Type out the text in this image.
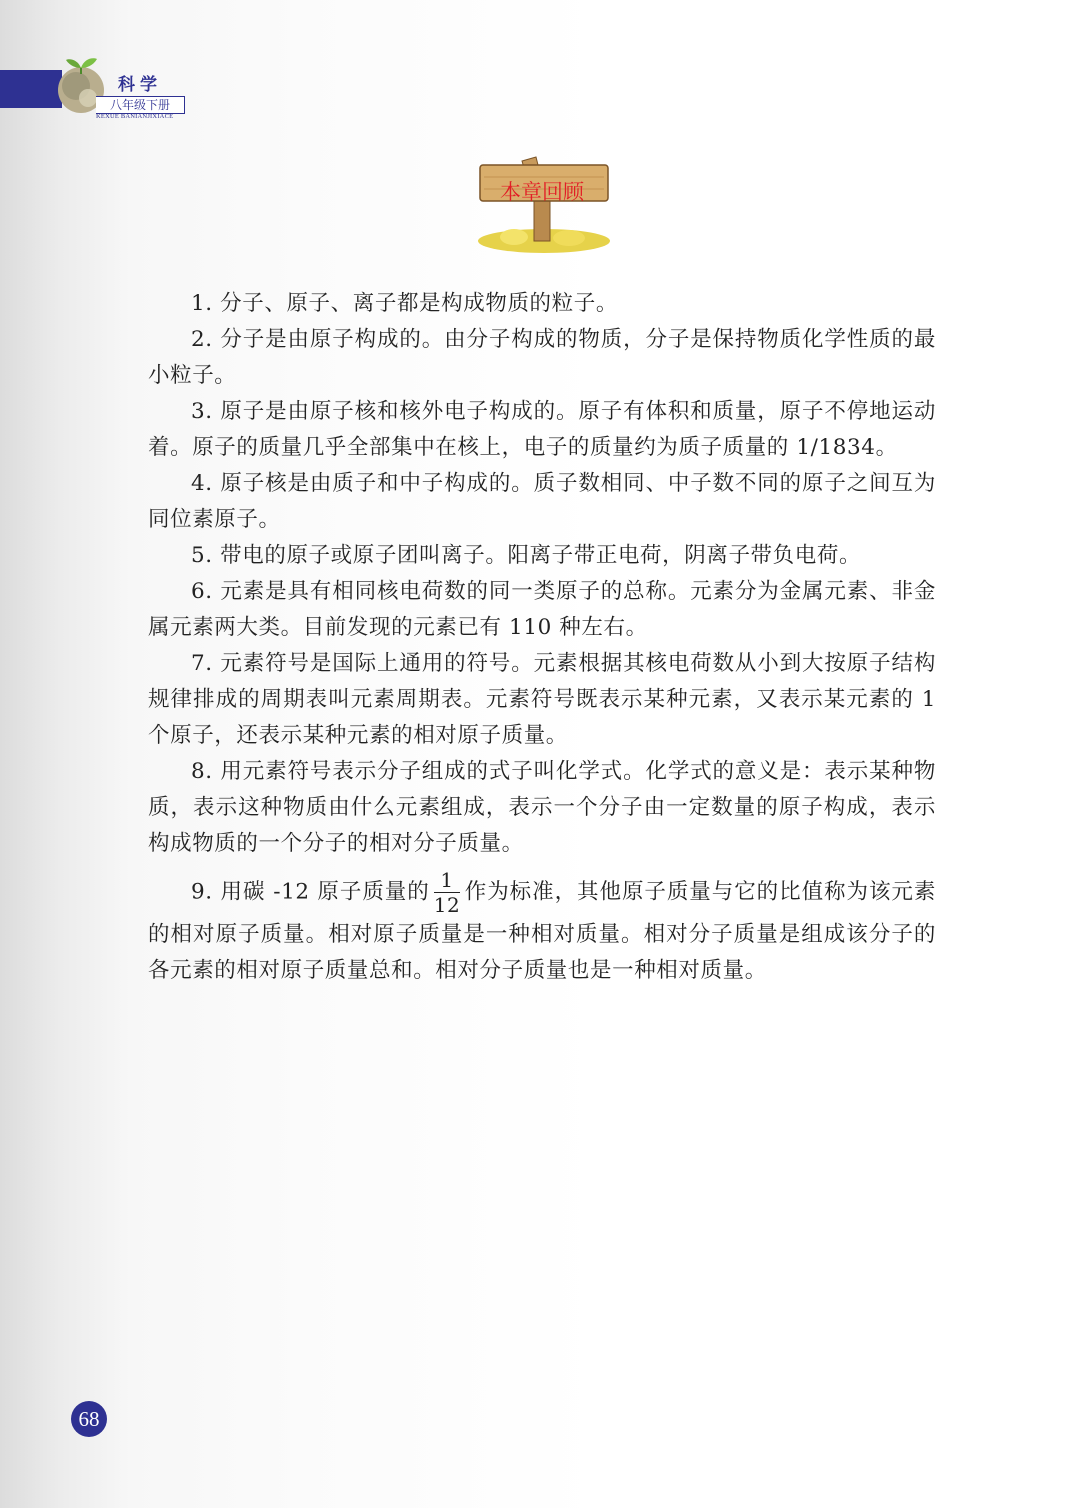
科学
八年级下册
KEXUE BANIANJIXIACE
本章回顾

1. 分子、原子、离子都是构成物质的粒子。

2. 分子是由原子构成的。由分子构成的物质，分子是保持物质化学性质的最小粒子。

3. 原子是由原子核和核外电子构成的。原子有体积和质量，原子不停地运动着。原子的质量几乎全部集中在核上，电子的质量约为质子质量的 1/1834。

4. 原子核是由质子和中子构成的。质子数相同、中子数不同的原子之间互为同位素原子。

5. 带电的原子或原子团叫离子。阳离子带正电荷，阴离子带负电荷。

6. 元素是具有相同核电荷数的同一类原子的总称。元素分为金属元素、非金属元素两大类。目前发现的元素已有 110 种左右。

7. 元素符号是国际上通用的符号。元素根据其核电荷数从小到大按原子结构规律排成的周期表叫元素周期表。元素符号既表示某种元素，又表示某元素的 1 个原子，还表示某种元素的相对原子质量。

8. 用元素符号表示分子组成的式子叫化学式。化学式的意义是：表示某种物质，表示这种物质由什么元素组成，表示一个分子由一定数量的原子构成，表示构成物质的一个分子的相对分子质量。

9. 用碳 -12 原子质量的 $\frac{1}{12}$ 作为标准，其他原子质量与它的比值称为该元素的相对原子质量。相对原子质量是一种相对质量。相对分子质量是组成该分子的各元素的相对原子质量总和。相对分子质量也是一种相对质量。

68
